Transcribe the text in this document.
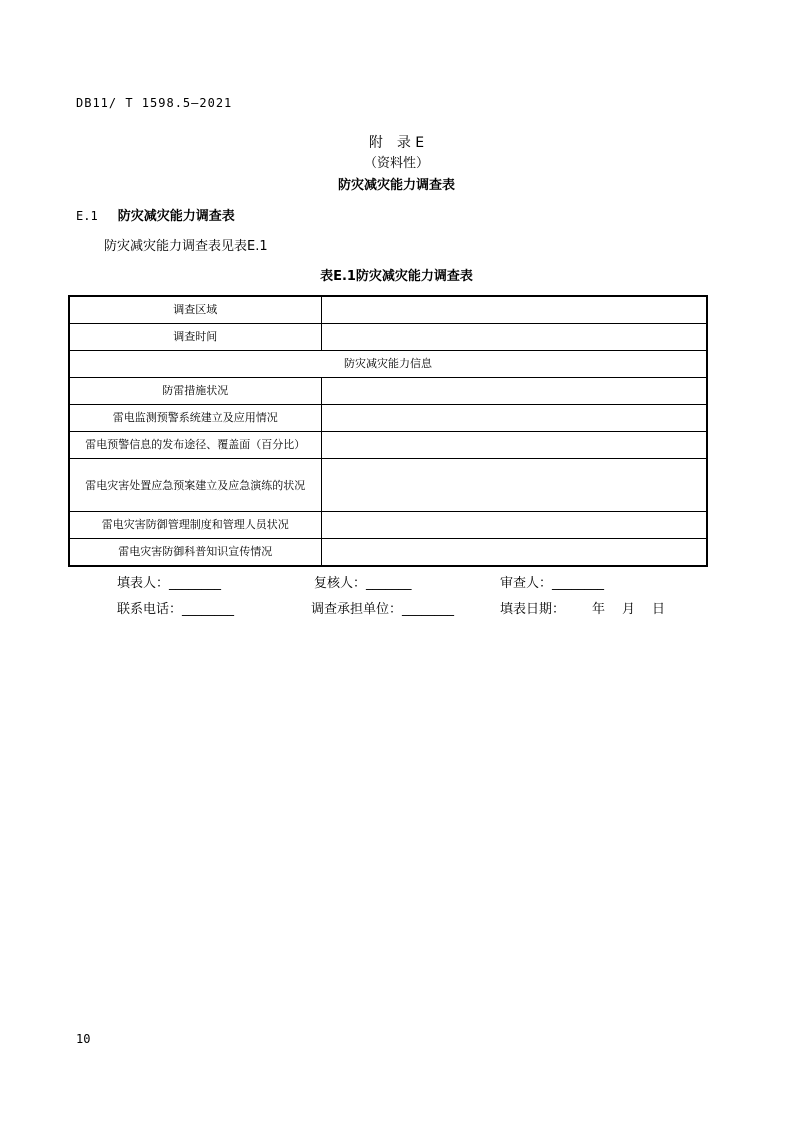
DB11/ T 1598.5—2021
附　录 E
（资料性）
防灾减灾能力调查表
E.1 防灾减灾能力调查表
防灾减灾能力调查表见表E.1
表E.1防灾减灾能力调查表
调查区域	
调查时间	
防灾减灾能力信息	
防雷措施状况	
雷电监测预警系统建立及应用情况	
雷电预警信息的发布途径、覆盖面（百分比）	
雷电灾害处置应急预案建立及应急演练的状况	
雷电灾害防御管理制度和管理人员状况	
雷电灾害防御科普知识宣传情况	
填表人：________	复核人：_______	审查人：________
联系电话：________	调查承担单位：________	填表日期： 年 月 日
10
